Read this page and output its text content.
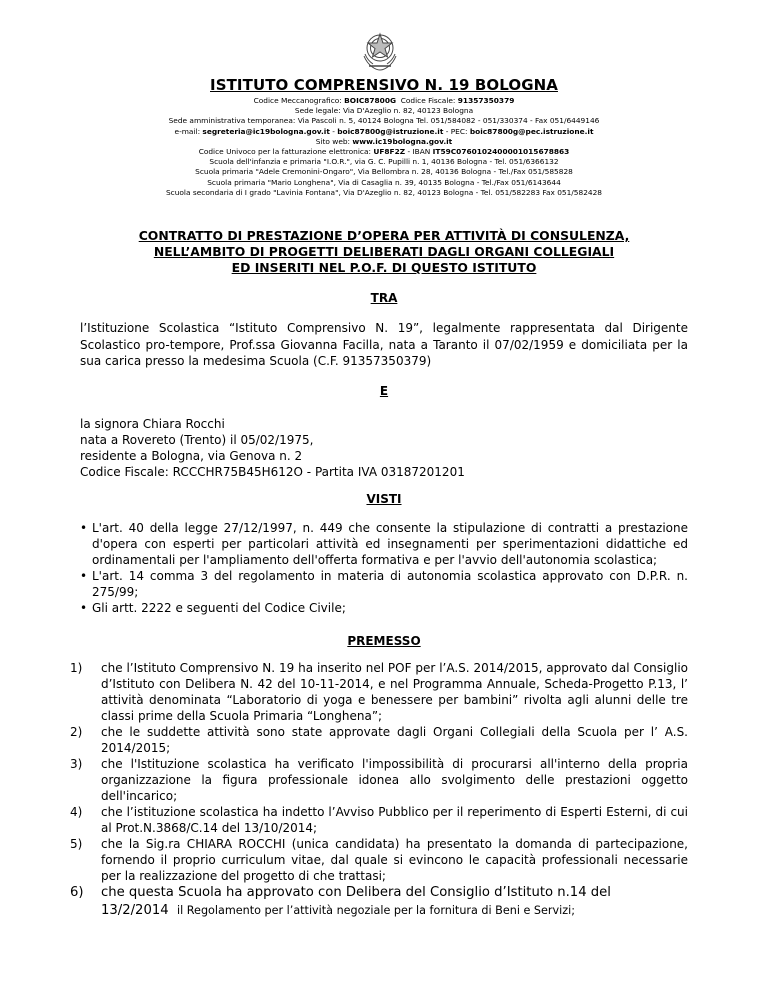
ISTITUTO COMPRENSIVO N. 19 BOLOGNA
Codice Meccanografico: BOIC87800G Codice Fiscale: 91357350379
Sede legale: Via D'Azeglio n. 82, 40123 Bologna
Sede amministrativa temporanea: Via Pascoli n. 5, 40124 Bologna Tel. 051/584082 - 051/330374 - Fax 051/6449146
e-mail: segreteria@ic19bologna.gov.it - boic87800g@istruzione.it - PEC: boic87800g@pec.istruzione.it
Sito web: www.ic19bologna.gov.it
Codice Univoco per la fatturazione elettronica: UF8F2Z - IBAN IT59C0760102400001015678863
Scuola dell'infanzia e primaria "I.O.R.", via G. C. Pupilli n. 1, 40136 Bologna - Tel. 051/6366132
Scuola primaria "Adele Cremonini-Ongaro", Via Bellombra n. 28, 40136 Bologna - Tel./Fax 051/585828
Scuola primaria "Mario Longhena", Via di Casaglia n. 39, 40135 Bologna - Tel./Fax 051/6143644
Scuola secondaria di I grado "Lavinia Fontana", Via D'Azeglio n. 82, 40123 Bologna - Tel. 051/582283 Fax 051/582428
CONTRATTO DI PRESTAZIONE D’OPERA PER ATTIVITÀ DI CONSULENZA,
NELL’AMBITO DI PROGETTI DELIBERATI DAGLI ORGANI COLLEGIALI
ED INSERITI NEL P.O.F. DI QUESTO ISTITUTO
TRA
l’Istituzione Scolastica “Istituto Comprensivo N. 19”, legalmente rappresentata dal Dirigente Scolastico pro-tempore, Prof.ssa Giovanna Facilla, nata a Taranto il 07/02/1959 e domiciliata per la sua carica presso la medesima Scuola (C.F. 91357350379)
E
la signora Chiara Rocchi
nata a Rovereto (Trento) il 05/02/1975,
residente a Bologna, via Genova n. 2
Codice Fiscale: RCCCHR75B45H612O - Partita IVA 03187201201
VISTI
• L'art. 40 della legge 27/12/1997, n. 449 che consente la stipulazione di contratti a prestazione d'opera con esperti per particolari attività ed insegnamenti per sperimentazioni didattiche ed ordinamentali per l'ampliamento dell'offerta formativa e per l'avvio dell'autonomia scolastica;
• L'art. 14 comma 3 del regolamento in materia di autonomia scolastica approvato con D.P.R. n. 275/99;
• Gli artt. 2222 e seguenti del Codice Civile;
PREMESSO
1) che l’Istituto Comprensivo N. 19 ha inserito nel POF per l’A.S. 2014/2015, approvato dal Consiglio d’Istituto con Delibera N. 42 del 10-11-2014, e nel Programma Annuale, Scheda-Progetto P.13, l’ attività denominata “Laboratorio di yoga e benessere per bambini” rivolta agli alunni delle tre classi prime della Scuola Primaria “Longhena”;
2) che le suddette attività sono state approvate dagli Organi Collegiali della Scuola per l’ A.S. 2014/2015;
3) che l'Istituzione scolastica ha verificato l'impossibilità di procurarsi all'interno della propria organizzazione la figura professionale idonea allo svolgimento delle prestazioni oggetto dell'incarico;
4) che l’istituzione scolastica ha indetto l’Avviso Pubblico per il reperimento di Esperti Esterni, di cui al Prot.N.3868/C.14 del 13/10/2014;
5) che la Sig.ra CHIARA ROCCHI (unica candidata) ha presentato la domanda di partecipazione, fornendo il proprio curriculum vitae, dal quale si evincono le capacità professionali necessarie per la realizzazione del progetto di che trattasi;
6) che questa Scuola ha approvato con Delibera del Consiglio d’Istituto n.14 del
13/2/2014 il Regolamento per l’attività negoziale per la fornitura di Beni e Servizi;
